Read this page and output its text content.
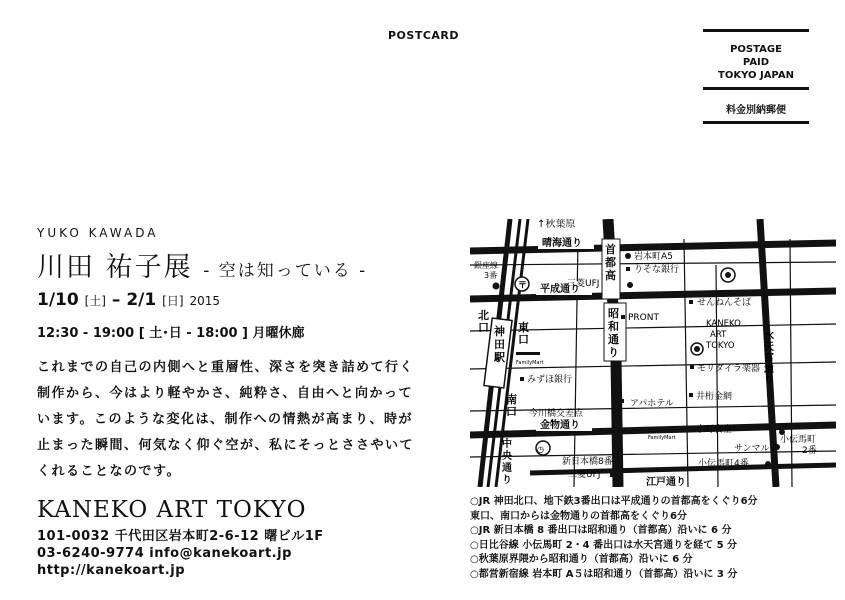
POSTCARD
POSTAGE
PAID
TOKYO JAPAN
料金別納郵便
YUKO KAWADA
川田 祐子展 - 空は知っている -
1/10 [土] – 2/1 [日] 2015
12:30 - 19:00 [ 土･日 - 18:00 ] 月曜休廊
これまでの自己の内側へと重層性、深さを突き詰めて行く
制作から、今はより軽やかさ、純粋さ、自由へと向かって
います。このような変化は、制作への情熱が高まり、時が
止まった瞬間、何気なく仰ぐ空が、私にそっとささやいて
くれることなのです。
KANEKO ART TOKYO
101-0032 千代田区岩本町2-6-12 曙ビル1F
03-6240-9774 info@kanekoart.jp
http://kanekoart.jp
神田駅
首都高
昭和通り
水天宮通り
晴海通り
平成通り
金物通り
江戸通り
↑秋葉原
中央通り
北口	東口
南口
銀座線 3番
〒
岩本町A5
りそな銀行
三菱UFJ
せんねんそば
PRONT
KANEKO
ART
TOKYO
FamilyMart
みずほ銀行
モリダイラ楽器
アパホテル
今川橋交差点
井桁金網
FamilyMart
小町食堂
小伝馬町
2番
サンマルク
小伝馬町4番
◷
新日本橋8番
三菱UFJ
○JR 神田北口、地下鉄3番出口は平成通りの首都高をくぐり6分
東口、南口からは金物通りの首都高をくぐり6分
○JR 新日本橋 8 番出口は昭和通り（首都高）沿いに 6 分
○日比谷線 小伝馬町 2・4 番出口は水天宮通りを経て 5 分
○秋葉原界隈から昭和通り（首都高）沿いに 6 分
○都営新宿線 岩本町 A５は昭和通り（首都高）沿いに 3 分
